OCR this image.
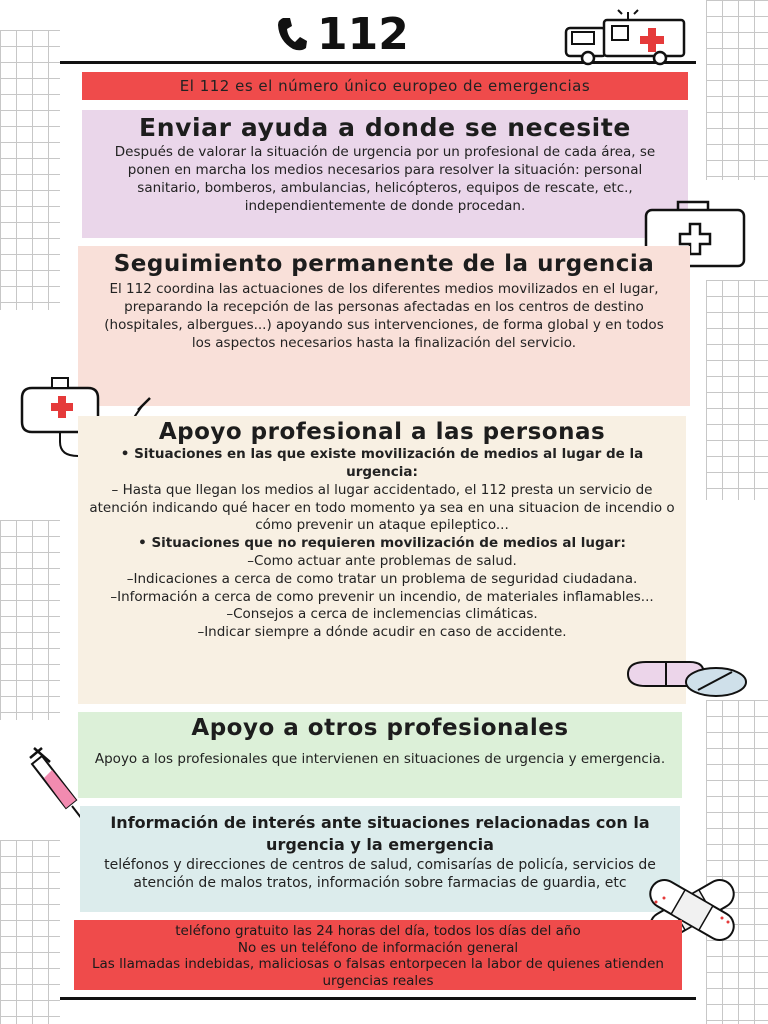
112
El 112 es el número único europeo de emergencias

Enviar ayuda a donde se necesite

Después de valorar la situación de urgencia por un profesional de cada área, se ponen en marcha los medios necesarios para resolver la situación: personal sanitario, bomberos, ambulancias, helicópteros, equipos de rescate, etc., independientemente de donde procedan.

Seguimiento permanente de la urgencia

El 112 coordina las actuaciones de los diferentes medios movilizados en el lugar, preparando la recepción de las personas afectadas en los centros de destino (hospitales, albergues...) apoyando sus intervenciones, de forma global y en todos los aspectos necesarios hasta la finalización del servicio.

Apoyo profesional a las personas

• Situaciones en las que existe movilización de medios al lugar de la urgencia:

– Hasta que llegan los medios al lugar accidentado, el 112 presta un servicio de atención indicando qué hacer en todo momento ya sea en una situacion de incendio o cómo prevenir un ataque epileptico...

• Situaciones que no requieren movilización de medios al lugar:

–Como actuar ante problemas de salud.

–Indicaciones a cerca de como tratar un problema de seguridad ciudadana.

–Información a cerca de como prevenir un incendio, de materiales inflamables...

–Consejos a cerca de inclemencias climáticas.

–Indicar siempre a dónde acudir en caso de accidente.

Apoyo a otros profesionales

Apoyo a los profesionales que intervienen en situaciones de urgencia y emergencia.

Información de interés ante situaciones relacionadas con la urgencia y la emergencia

teléfonos y direcciones de centros de salud, comisarías de policía, servicios de atención de malos tratos, información sobre farmacias de guardia, etc

teléfono gratuito las 24 horas del día, todos los días del año
No es un teléfono de información general
Las llamadas indebidas, maliciosas o falsas entorpecen la labor de quienes atienden urgencias reales
